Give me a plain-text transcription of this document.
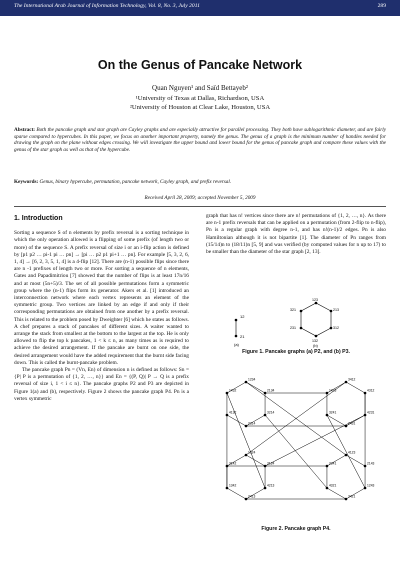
The International Arab Journal of Information Technology, Vol. 8, No. 3, July 2011	289
On the Genus of Pancake Network
Quan Nguyen¹ and Saïd Bettayeb²
¹University of Texas at Dallas, Richardson, USA
²University of Houston at Clear Lake, Houston, USA
Abstract: Both the pancake graph and star graph are Cayley graphs and are especially attractive for parallel processing. They both have sublogarithmic diameter, and are fairly sparse compared to hypercubes. In this paper, we focus on another important property, namely the genus. The genus of a graph is the minimum number of handles needed for drawing the graph on the plane without edges crossing. We will investigate the upper bound and lower bound for the genus of pancake graph and compare these values with the genus of the star graph as well as that of the hypercube.
Keywords: Genus, binary hypercube, permutation, pancake network, Cayley graph, and prefix reversal.
Received April 28, 2009; accepted November 5, 2009
1. Introduction

Sorting a sequence S of n elements by prefix reversal is a sorting technique in which the only operation allowed is a flipping of some prefix (of length two or more) of the sequence S. A prefix reversal of size i or an i-flip action is defined by [p1 p2 … pi-1 pi … pn] → [pi … p2 p1 pi+1 … pn]. For example [5, 3, 2, 6, 1, 4] → [6, 2, 3, 5, 1, 4] is a 4-flip [12]. There are (n-1) possible flips since there are n -1 prefixes of length two or more. For sorting a sequence of n elements, Gates and Papadimitriou [7] showed that the number of flips is at least 17n/16 and at most (5n+5)/3. The set of all possible permutations form a symmetric group where the (n-1) flips form its generator. Akers et al. [1] introduced an interconnection network where each vertex represents an element of the symmetric group. Two vertices are linked by an edge if and only if their corresponding permutations are obtained from one another by a prefix reversal. This is related to the problem posed by Dweighter [6] which he states as follows. A chef prepares a stack of pancakes of different sizes. A waiter wanted to arrange the stack from smallest at the bottom to the largest at the top. He is only allowed to flip the top k pancakes, 1 < k ≤ n, as many times as is required to achieve the desired arrangement. If the pancake are burnt on one side, the desired arrangement would have the added requirement that the burnt side facing down. This is called the burnt-pancake problem.

The pancake graph Pn = (Vn, En) of dimension n is defined as follows: Sn = {P| P is a permutation of {1, 2, …, n}} and En = {(P, Q)| P → Q is a prefix reversal of size i, 1 < i ≤ n}. The pancake graphs P2 and P3 are depicted in Figure 1(a) and (b), respectively. Figure 2 shows the pancake graph P4. Pn is a vertex symmetric

graph that has n! vertices since there are n! permutations of {1, 2, …, n}. As there are n-1 prefix reversals that can be applied on a permutation (from 2-flip to n-flip), Pn is a regular graph with degree n-1, and has n!(n-1)/2 edges. Pn is also Hamiltonian although it is not bipartite [1]. The diameter of Pn ranges from (15/14)n to (18/11)n [5, 9] and was verified (by computed values for n up to 17) to be smaller than the diameter of the star graph [2, 13].

12
21
123
213
312
132
231
321
(a)	(b)
Figure 1. Pancake graphs (a) P2, and (b) P3.
1234
2134
3214
2314
4132
1432
3412
4312
4231
2431
3241
1423
4123
2143
1243
3421
4321
2341
1324
3124
4213
2413
1342
3142
Figure 2. Pancake graph P4.
